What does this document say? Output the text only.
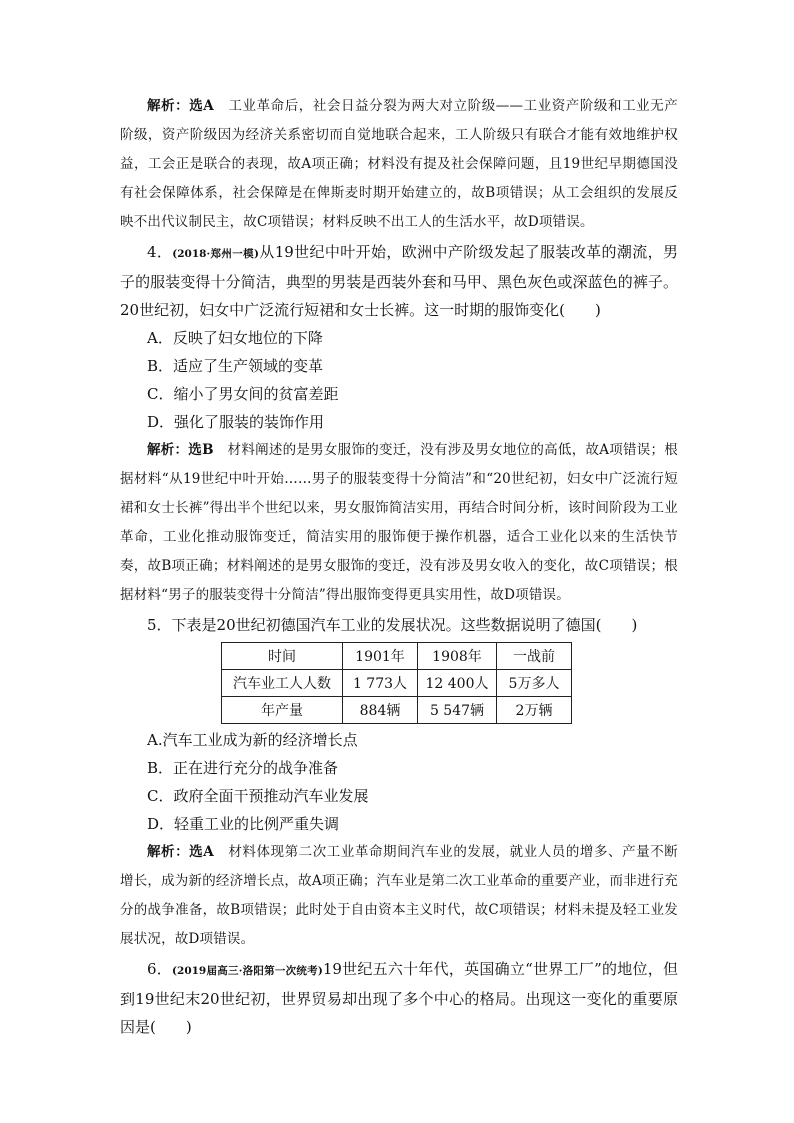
解析：选A　 工业革命后，社会日益分裂为两大对立阶级——工业资产阶级和工业无产阶级，资产阶级因为经济关系密切而自觉地联合起来，工人阶级只有联合才能有效地维护权益，工会正是联合的表现，故A项正确；材料没有提及社会保障问题，且19世纪早期德国没有社会保障体系，社会保障是在俾斯麦时期开始建立的，故B项错误；从工会组织的发展反映不出代议制民主，故C项错误；材料反映不出工人的生活水平，故D项错误。

4．(2018·郑州一模)从19世纪中叶开始，欧洲中产阶级发起了服装改革的潮流，男子的服装变得十分简洁，典型的男装是西装外套和马甲、黑色灰色或深蓝色的裤子。20世纪初，妇女中广泛流行短裙和女士长裤。这一时期的服饰变化(　　)

A．反映了妇女地位的下降

B．适应了生产领域的变革

C．缩小了男女间的贫富差距

D．强化了服装的装饰作用

解析：选B　 材料阐述的是男女服饰的变迁，没有涉及男女地位的高低，故A项错误；根据材料“从19世纪中叶开始……男子的服装变得十分简洁”和“20世纪初，妇女中广泛流行短裙和女士长裤”得出半个世纪以来，男女服饰简洁实用，再结合时间分析，该时间阶段为工业革命，工业化推动服饰变迁，简洁实用的服饰便于操作机器，适合工业化以来的生活快节奏，故B项正确；材料阐述的是男女服饰的变迁，没有涉及男女收入的变化，故C项错误；根据材料“男子的服装变得十分简洁”得出服饰变得更具实用性，故D项错误。

5．下表是20世纪初德国汽车工业的发展状况。这些数据说明了德国(　　)

时间	1901年	1908年	一战前
汽车业工人人数	1 773人	12 400人	5万多人
年产量	884辆	5 547辆	2万辆

A.汽车工业成为新的经济增长点

B．正在进行充分的战争准备

C．政府全面干预推动汽车业发展

D．轻重工业的比例严重失调

解析：选A　 材料体现第二次工业革命期间汽车业的发展，就业人员的增多、产量不断增长，成为新的经济增长点，故A项正确；汽车业是第二次工业革命的重要产业，而非进行充分的战争准备，故B项错误；此时处于自由资本主义时代，故C项错误；材料未提及轻工业发展状况，故D项错误。

6．(2019届高三·洛阳第一次统考)19世纪五六十年代，英国确立“世界工厂”的地位，但到19世纪末20世纪初，世界贸易却出现了多个中心的格局。出现这一变化的重要原因是(　　)
